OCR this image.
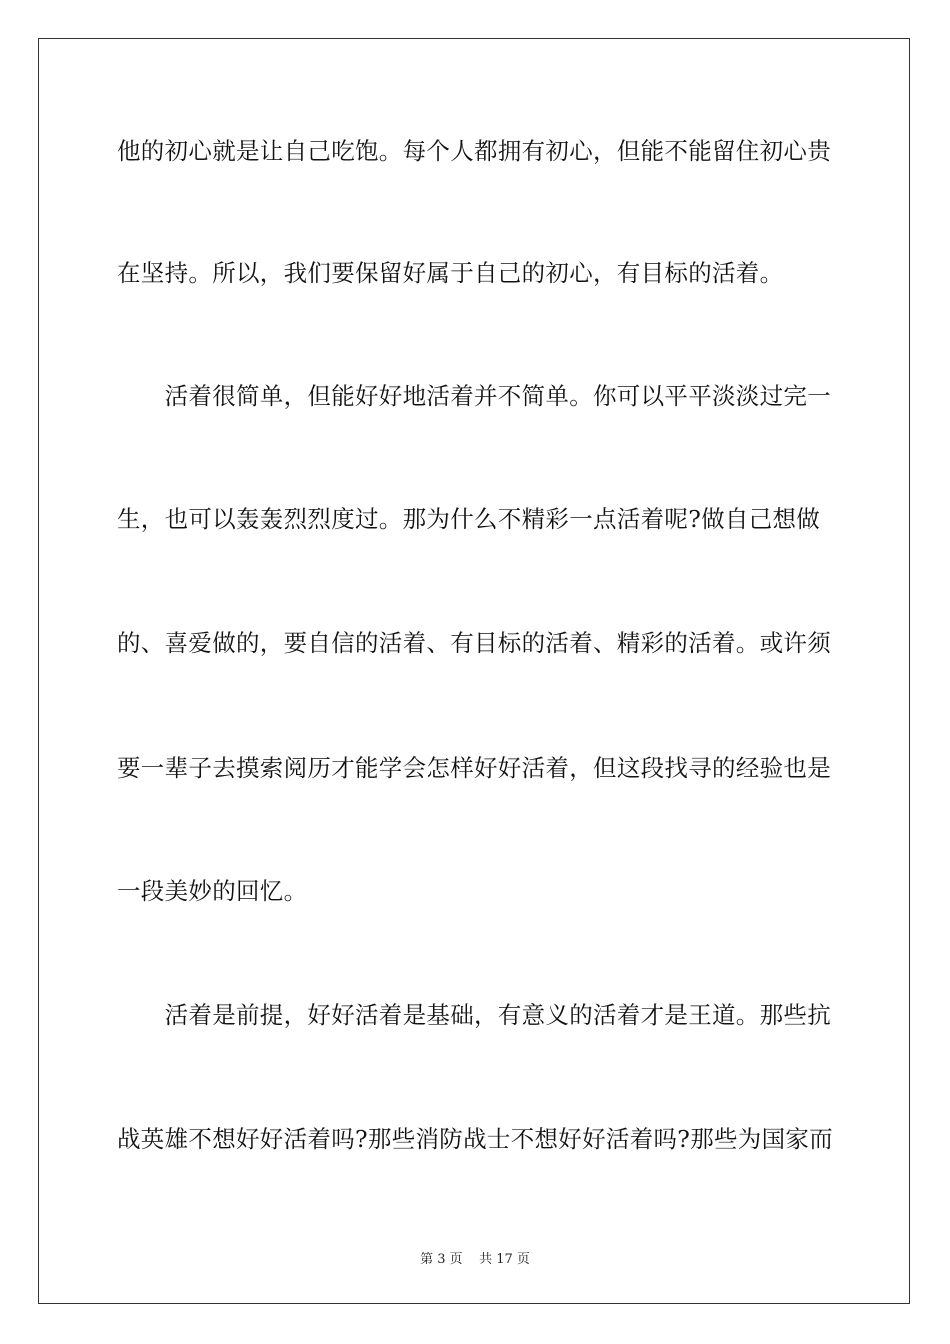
他的初心就是让自己吃饱。每个人都拥有初心，但能不能留住初心贵
在坚持。所以，我们要保留好属于自己的初心，有目标的活着。
　　活着很简单，但能好好地活着并不简单。你可以平平淡淡过完一
生，也可以轰轰烈烈度过。那为什么不精彩一点活着呢?做自己想做
的、喜爱做的，要自信的活着、有目标的活着、精彩的活着。或许须
要一辈子去摸索阅历才能学会怎样好好活着，但这段找寻的经验也是
一段美妙的回忆。
　　活着是前提，好好活着是基础，有意义的活着才是王道。那些抗
战英雄不想好好活着吗?那些消防战士不想好好活着吗?那些为国家而
第 3 页    共 17 页
